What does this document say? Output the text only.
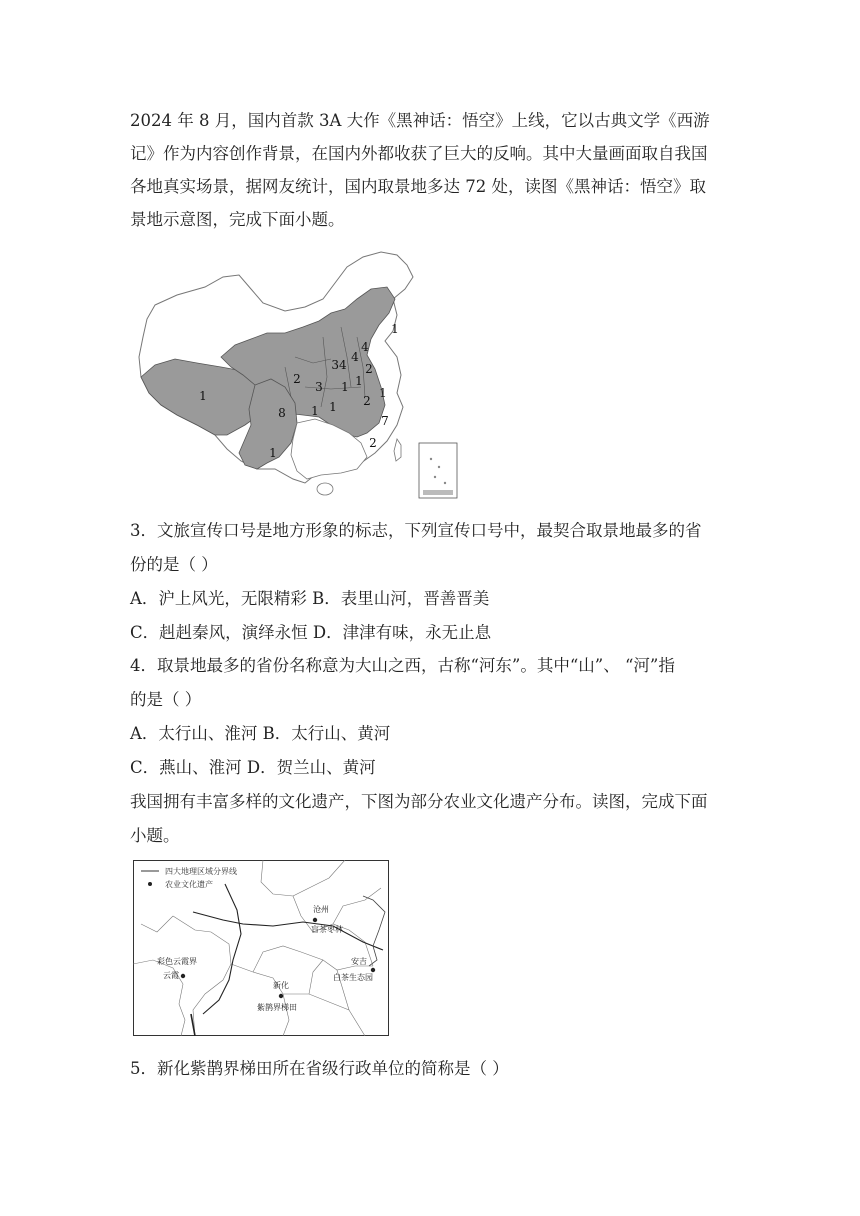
2024 年 8 月，国内首款 3A 大作《黑神话：悟空》上线，它以古典文学《西游
记》作为内容创作背景，在国内外都收获了巨大的反响。其中大量画面取自我国
各地真实场景，据网友统计，国内取景地多达 72 处，读图《黑神话：悟空》取
景地示意图，完成下面小题。
1
4
34
4
2
2
3 1
2
1
1
1
7
2
1
8 1
1
3．文旅宣传口号是地方形象的标志，下列宣传口号中，最契合取景地最多的省
份的是（ ）
A．沪上风光，无限精彩 B．表里山河，晋善晋美
C．赳赳秦风，演绎永恒 D．津津有味，永无止息
4．取景地最多的省份名称意为大山之西，古称“河东”。其中“山”、 “河”指
的是（ ）
A．太行山、淮河 B．太行山、黄河
C．燕山、淮河 D．贺兰山、黄河
我国拥有丰富多样的文化遗产，下图为部分农业文化遗产分布。读图，完成下面
小题。
四大地理区域分界线
农业文化遗产
沧州
盲茶枣林
彩色云霞界
云霞
新化
紫鹊界梯田
安吉
白茶生态园
5．新化紫鹊界梯田所在省级行政单位的简称是（ ）
